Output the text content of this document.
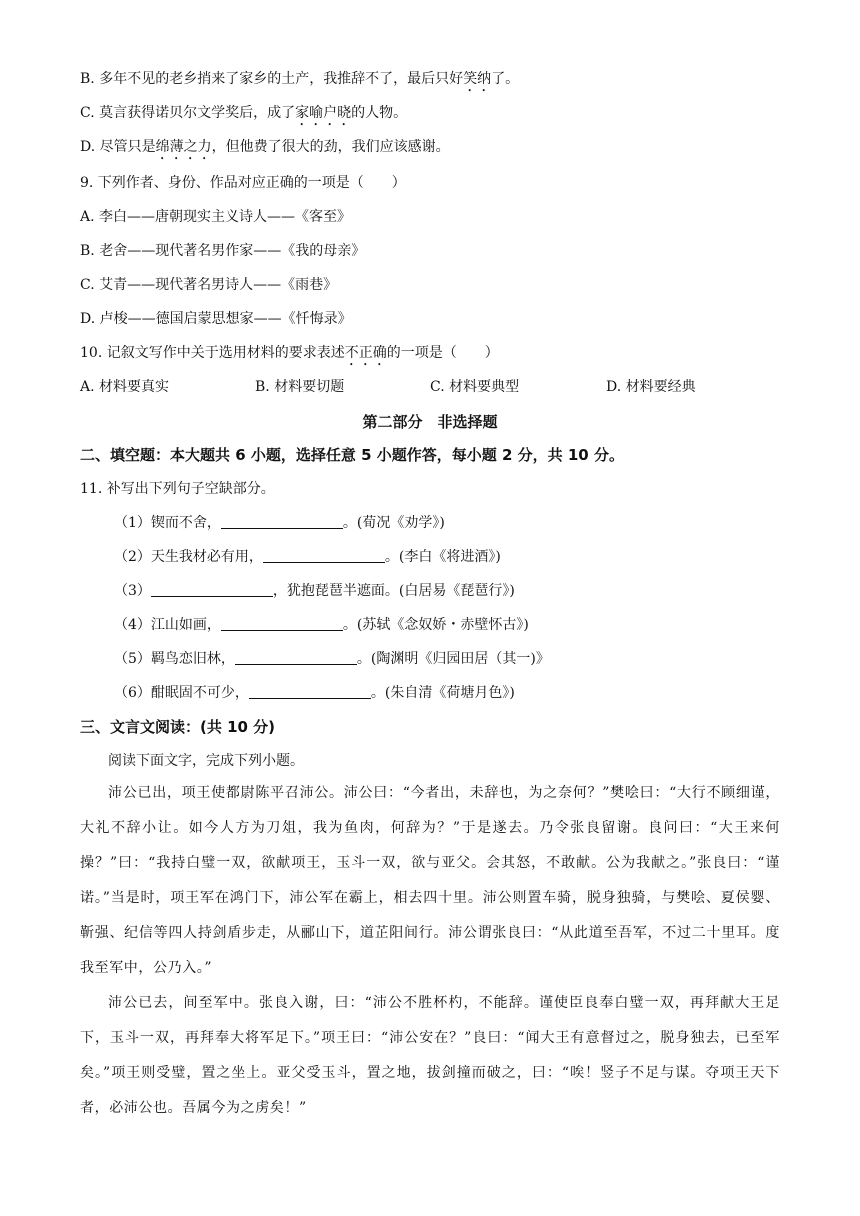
B. 多年不见的老乡捎来了家乡的土产，我推辞不了，最后只好笑纳了。
C. 莫言获得诺贝尔文学奖后，成了家喻户晓的人物。
D. 尽管只是绵薄之力，但他费了很大的劲，我们应该感谢。
9. 下列作者、身份、作品对应正确的一项是（　　）
A. 李白——唐朝现实主义诗人——《客至》
B. 老舍——现代著名男作家——《我的母亲》
C. 艾青——现代著名男诗人——《雨巷》
D. 卢梭——德国启蒙思想家——《忏悔录》
10. 记叙文写作中关于选用材料的要求表述不正确的一项是（　　）
A. 材料要真实	B. 材料要切题	C. 材料要典型	D. 材料要经典
第二部分　非选择题
二、填空题：本大题共 6 小题，选择任意 5 小题作答，每小题 2 分，共 10 分。
11. 补写出下列句子空缺部分。
（1）锲而不舍，	。(荀况《劝学》)
（2）天生我材必有用，	。(李白《将进酒》)
（3）	，犹抱琵琶半遮面。(白居易《琵琶行》)
（4）江山如画，	。(苏轼《念奴娇・赤壁怀古》)
（5）羁鸟恋旧林，	。(陶渊明《归园田居（其一)》
（6）酣眠固不可少，	。(朱自清《荷塘月色》)
三、文言文阅读：(共 10 分)
阅读下面文字，完成下列小题。
沛公已出，项王使都尉陈平召沛公。沛公曰：“今者出，未辞也，为之奈何？”樊哙曰：“大行不顾细谨，大礼不辞小让。如今人方为刀俎，我为鱼肉，何辞为？”于是遂去。乃令张良留谢。良问曰：“大王来何操？”曰：“我持白璧一双，欲献项王，玉斗一双，欲与亚父。会其怒，不敢献。公为我献之。”张良曰：“谨诺。”当是时，项王军在鸿门下，沛公军在霸上，相去四十里。沛公则置车骑，脱身独骑，与樊哙、夏侯婴、靳强、纪信等四人持剑盾步走，从郦山下，道芷阳间行。沛公谓张良曰：“从此道至吾军，不过二十里耳。度我至军中，公乃入。”
沛公已去，间至军中。张良入谢，曰：“沛公不胜杯杓，不能辞。谨使臣良奉白璧一双，再拜献大王足下，玉斗一双，再拜奉大将军足下。”项王曰：“沛公安在？”良曰：“闻大王有意督过之，脱身独去，已至军矣。”项王则受璧，置之坐上。亚父受玉斗，置之地，拔剑撞而破之，曰：“唉！竖子不足与谋。夺项王天下者，必沛公也。吾属今为之虏矣！”
